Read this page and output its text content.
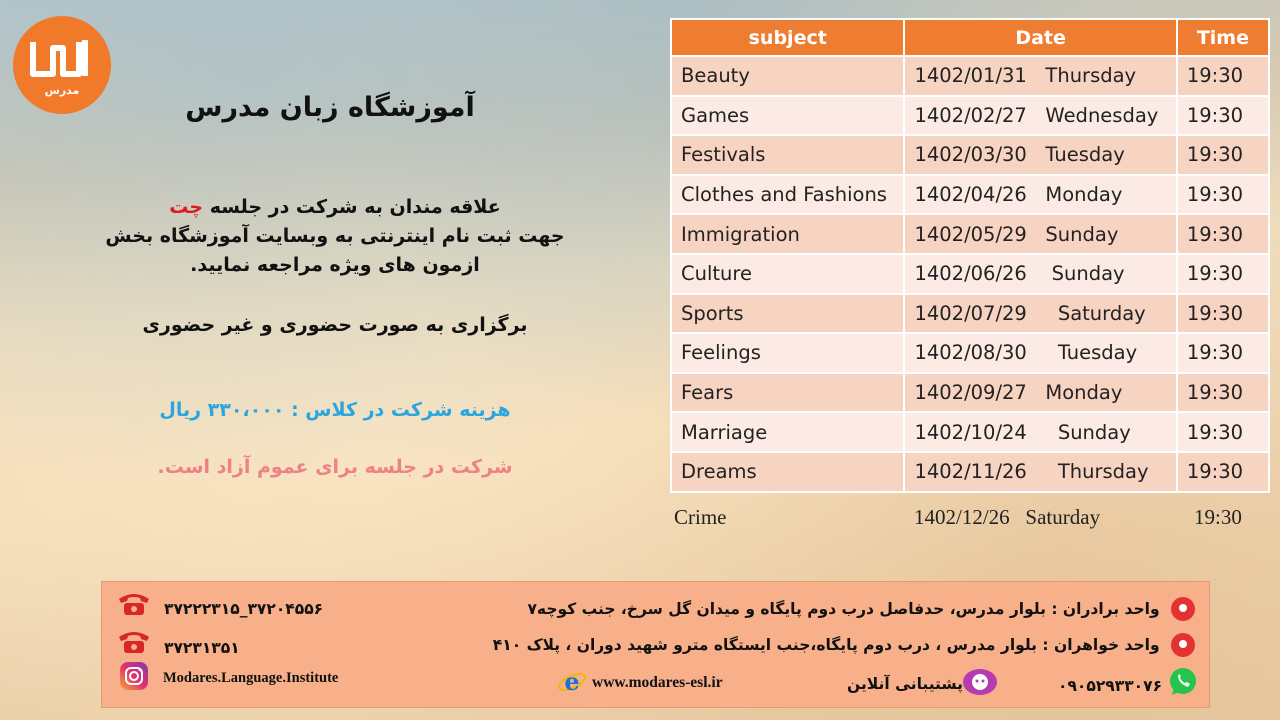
مدرس
آموزشگاه زبان مدرس
علاقه مندان به شرکت در جلسه چت
جهت ثبت نام اینترنتی به وبسایت آموزشگاه بخش
ازمون های ویژه مراجعه نمایید.
برگزاری به صورت حضوری و غیر حضوری
هزینه شرکت در کلاس : ۳۳۰،۰۰۰ ریال
شرکت در جلسه برای عموم آزاد است.
subject	Date	Time
Beauty	1402/01/31   Thursday	19:30
Games	1402/02/27   Wednesday	19:30
Festivals	1402/03/30   Tuesday	19:30
Clothes and Fashions	1402/04/26   Monday	19:30
Immigration	1402/05/29   Sunday	19:30
Culture	1402/06/26    Sunday	19:30
Sports	1402/07/29     Saturday	19:30
Feelings	1402/08/30     Tuesday	19:30
Fears	1402/09/27   Monday	19:30
Marriage	1402/10/24     Sunday	19:30
Dreams	1402/11/26     Thursday	19:30
Crime	1402/12/26   Saturday	19:30
واحد برادران : بلوار مدرس، حدفاصل درب دوم پایگاه و میدان گل سرخ، جنب کوچه۷
واحد خواهران : بلوار مدرس ، درب دوم پایگاه،جنب ایستگاه مترو شهید دوران ، پلاک ۴۱۰
۳۷۲۰۴۵۵۶_۳۷۲۲۲۳۱۵
۳۷۲۳۱۳۵۱
Modares.Language.Institute	e www.modares-esl.ir	پشتیبانی آنلاین	۰۹۰۵۲۹۳۳۰۷۶
